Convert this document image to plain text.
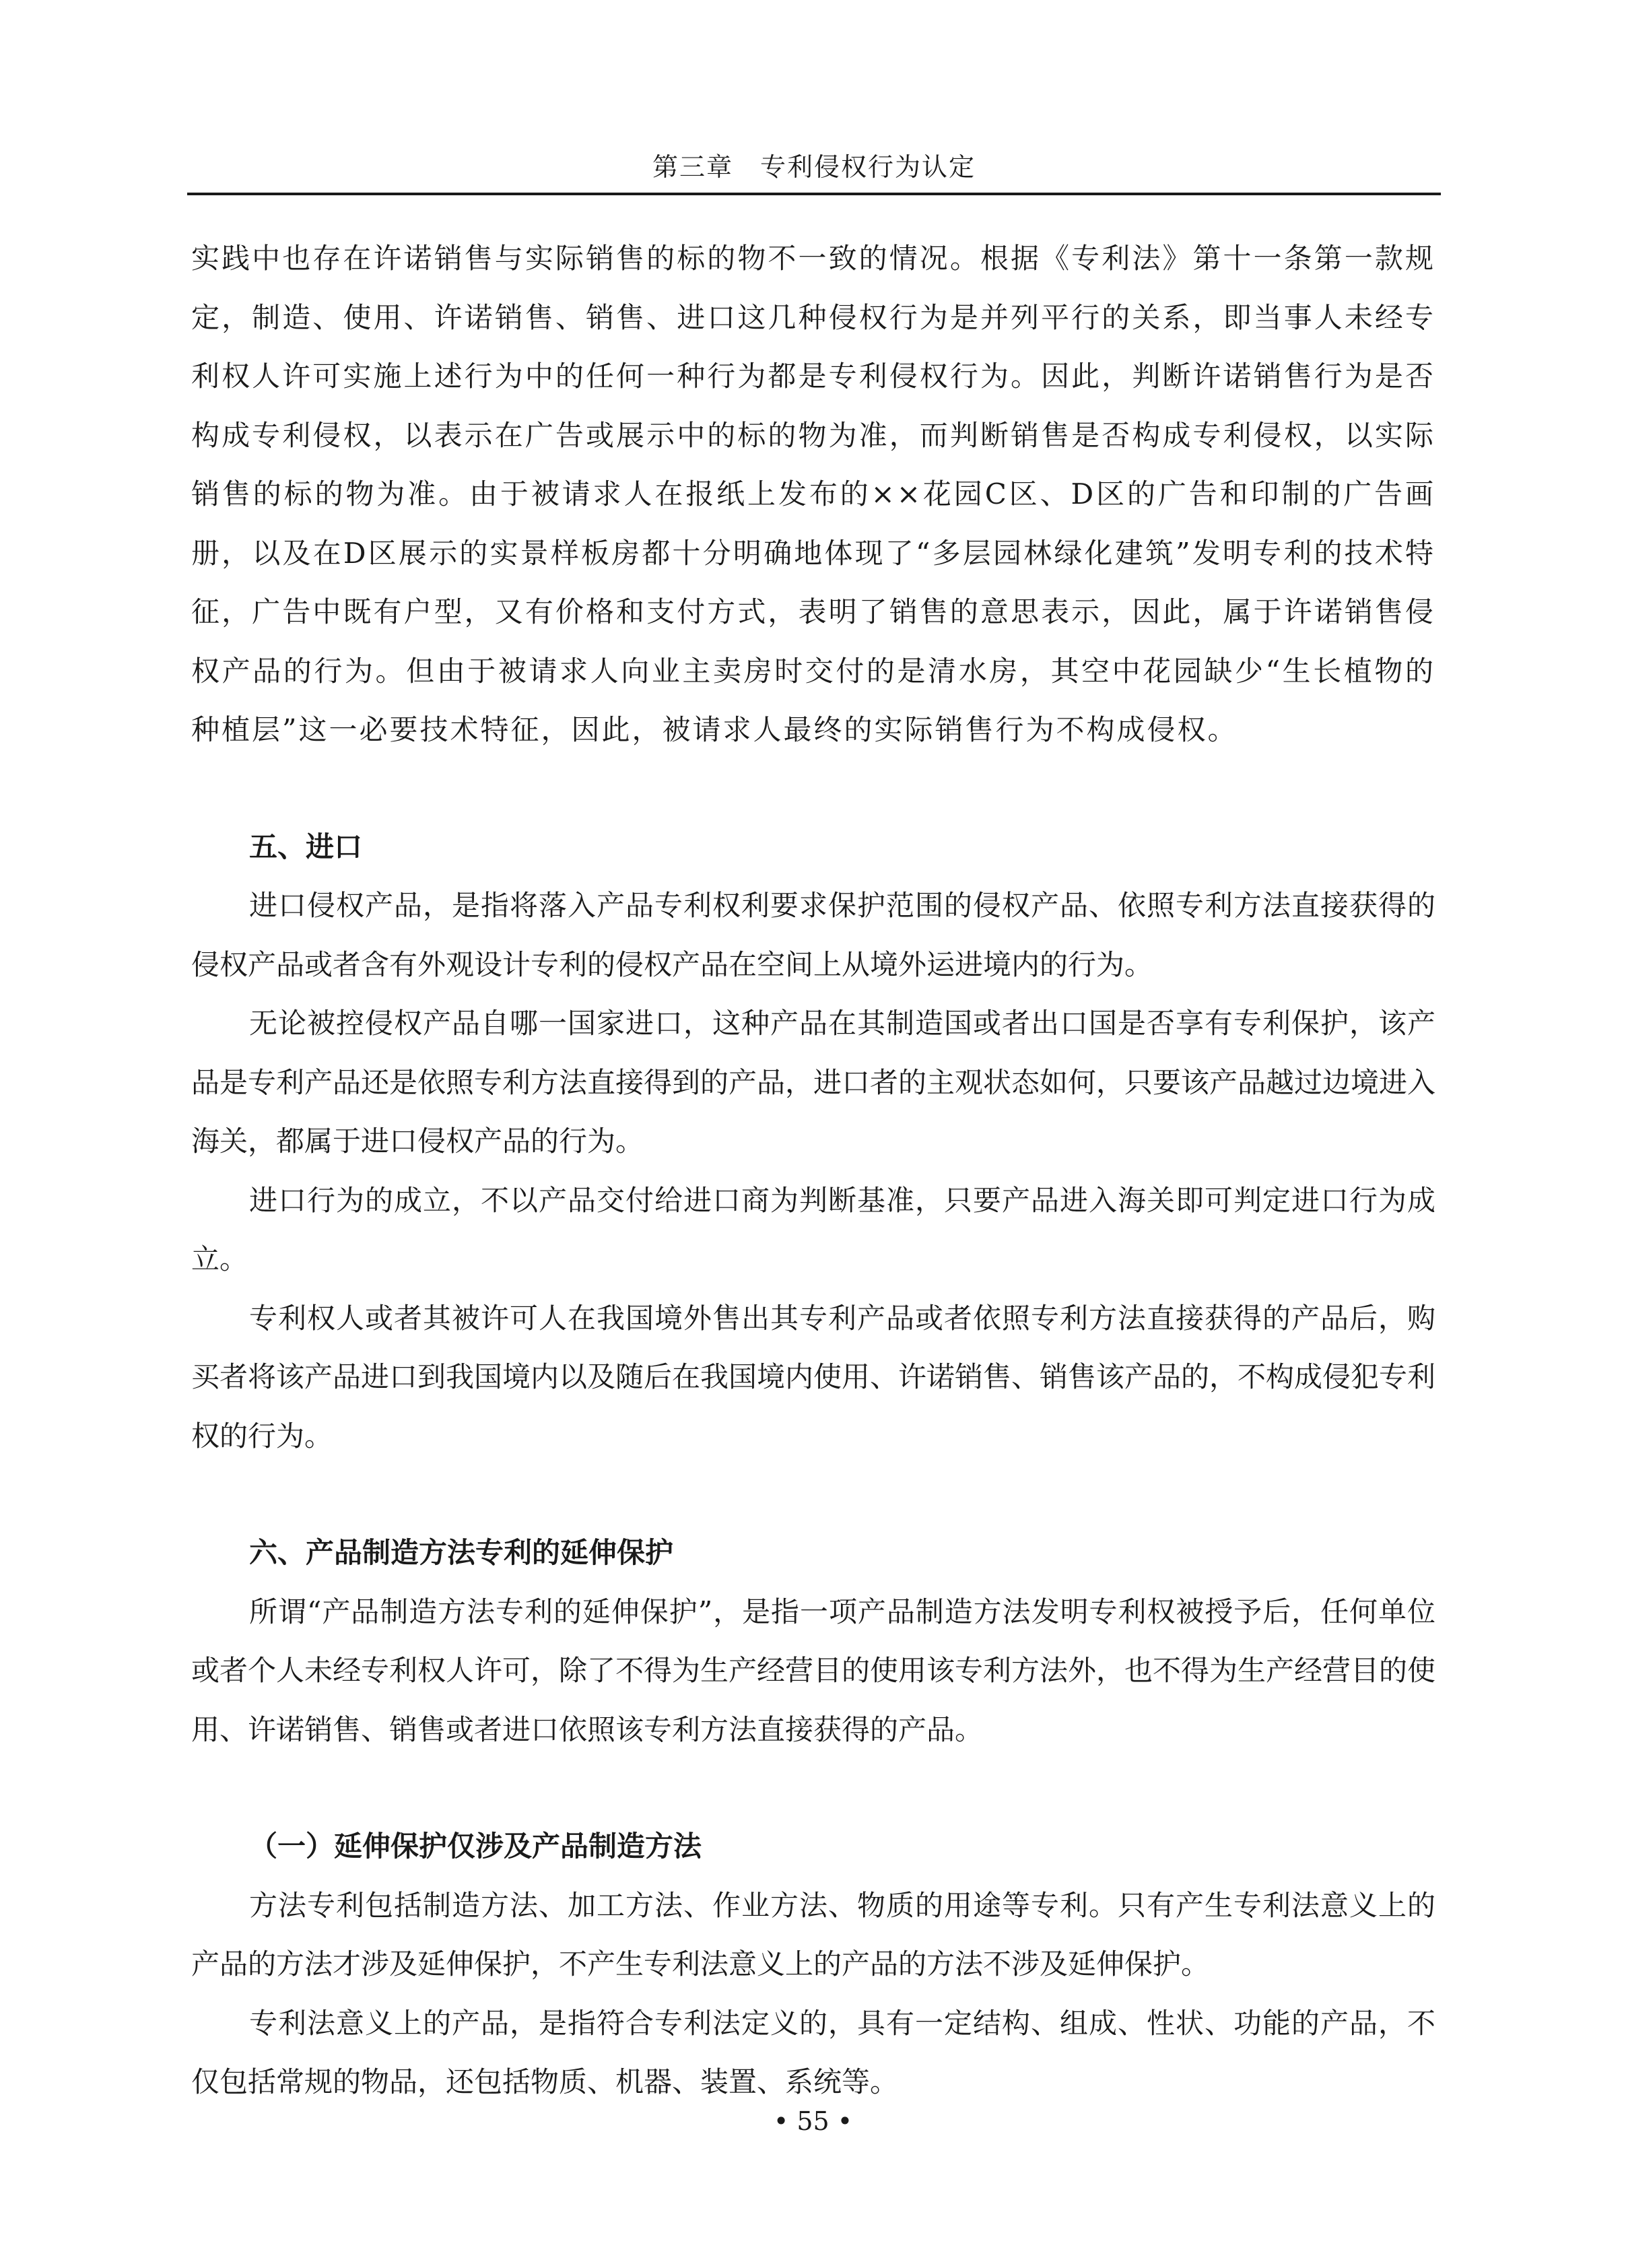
第三章　专利侵权行为认定

实践中也存在许诺销售与实际销售的标的物不一致的情况。根据《专利法》第十一条第一款规定，制造、使用、许诺销售、销售、进口这几种侵权行为是并列平行的关系，即当事人未经专利权人许可实施上述行为中的任何一种行为都是专利侵权行为。因此，判断许诺销售行为是否构成专利侵权，以表示在广告或展示中的标的物为准，而判断销售是否构成专利侵权，以实际销售的标的物为准。由于被请求人在报纸上发布的××花园C区、D区的广告和印制的广告画册，以及在D区展示的实景样板房都十分明确地体现了“多层园林绿化建筑”发明专利的技术特征，广告中既有户型，又有价格和支付方式，表明了销售的意思表示，因此，属于许诺销售侵权产品的行为。但由于被请求人向业主卖房时交付的是清水房，其空中花园缺少“生长植物的种植层”这一必要技术特征，因此，被请求人最终的实际销售行为不构成侵权。

五、进口

进口侵权产品，是指将落入产品专利权利要求保护范围的侵权产品、依照专利方法直接获得的侵权产品或者含有外观设计专利的侵权产品在空间上从境外运进境内的行为。

无论被控侵权产品自哪一国家进口，这种产品在其制造国或者出口国是否享有专利保护，该产品是专利产品还是依照专利方法直接得到的产品，进口者的主观状态如何，只要该产品越过边境进入海关，都属于进口侵权产品的行为。

进口行为的成立，不以产品交付给进口商为判断基准，只要产品进入海关即可判定进口行为成立。

专利权人或者其被许可人在我国境外售出其专利产品或者依照专利方法直接获得的产品后，购买者将该产品进口到我国境内以及随后在我国境内使用、许诺销售、销售该产品的，不构成侵犯专利权的行为。

六、产品制造方法专利的延伸保护

所谓“产品制造方法专利的延伸保护”，是指一项产品制造方法发明专利权被授予后，任何单位或者个人未经专利权人许可，除了不得为生产经营目的使用该专利方法外，也不得为生产经营目的使用、许诺销售、销售或者进口依照该专利方法直接获得的产品。

（一）延伸保护仅涉及产品制造方法

方法专利包括制造方法、加工方法、作业方法、物质的用途等专利。只有产生专利法意义上的产品的方法才涉及延伸保护，不产生专利法意义上的产品的方法不涉及延伸保护。

专利法意义上的产品，是指符合专利法定义的，具有一定结构、组成、性状、功能的产品，不仅包括常规的物品，还包括物质、机器、装置、系统等。

• 55 •
